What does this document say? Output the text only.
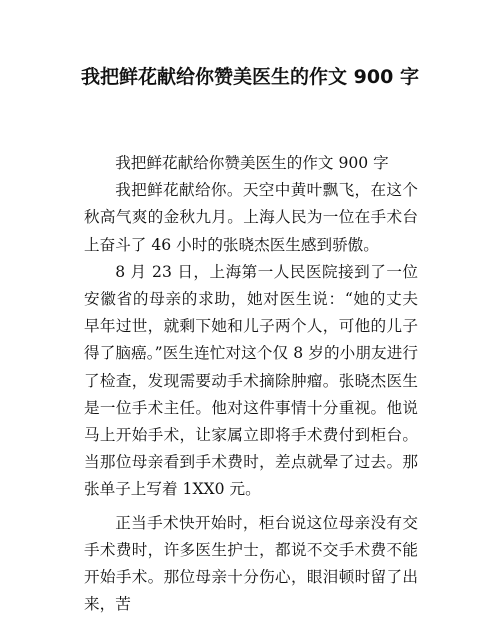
我把鲜花献给你赞美医生的作文 900 字

我把鲜花献给你赞美医生的作文 900 字

我把鲜花献给你。天空中黄叶飘飞，在这个秋高气爽的金秋九月。上海人民为一位在手术台上奋斗了 46 小时的张晓杰医生感到骄傲。

8 月 23 日，上海第一人民医院接到了一位安徽省的母亲的求助，她对医生说：“她的丈夫早年过世，就剩下她和儿子两个人，可他的儿子得了脑癌。”医生连忙对这个仅 8 岁的小朋友进行了检查，发现需要动手术摘除肿瘤。张晓杰医生是一位手术主任。他对这件事情十分重视。他说马上开始手术，让家属立即将手术费付到柜台。当那位母亲看到手术费时，差点就晕了过去。那张单子上写着 1XX0 元。

正当手术快开始时，柜台说这位母亲没有交手术费时，许多医生护士，都说不交手术费不能开始手术。那位母亲十分伤心，眼泪顿时留了出来，苦
